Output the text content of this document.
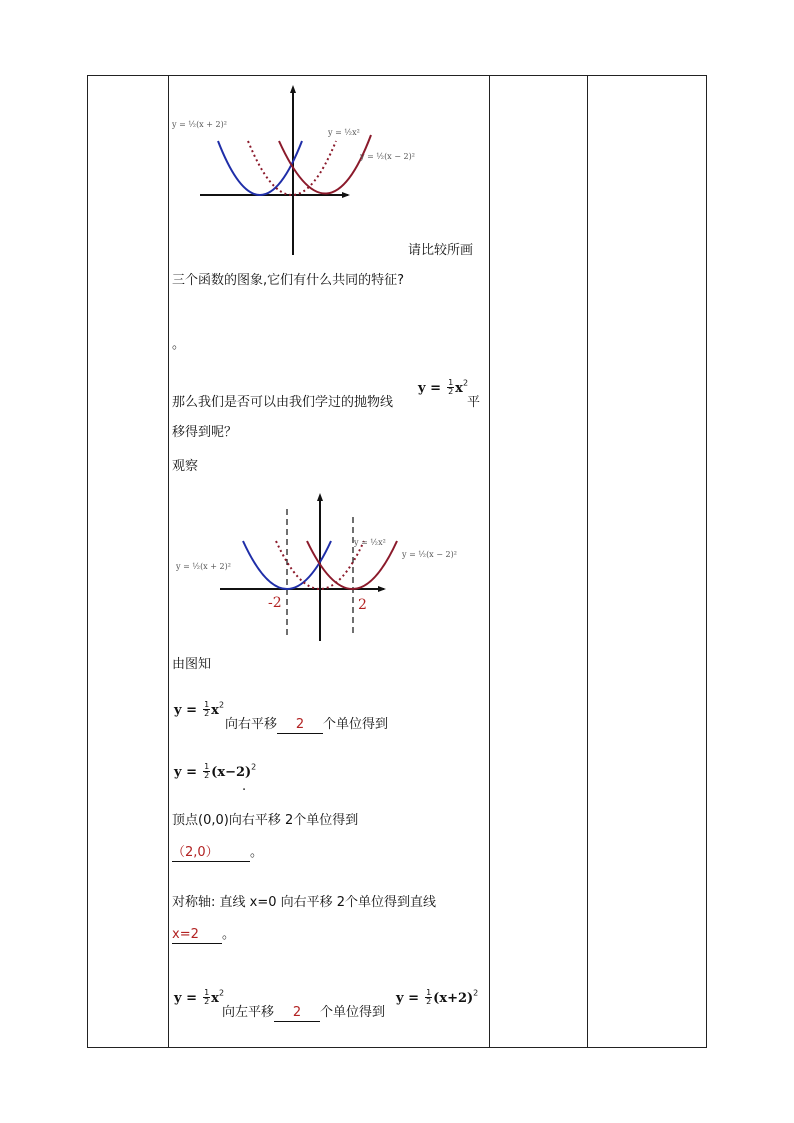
y = ½(x + 2)²
y = ½x²
y = ½(x − 2)²
请比较所画
三个函数的图象,它们有什么共同的特征?
。
那么我们是否可以由我们学过的抛物线
$y = \frac{1}{2} x^2$
平
移得到呢？
观察
y = ½(x + 2)²
y = ½x²
y = ½(x − 2)²
-2	2
由图知
$y = \frac{1}{2} x^2$
向右平移 2 个单位得到
$y = \frac{1}{2} (x-2)^2$
.
顶点(0,0)向右平移 2个单位得到
（2,0） 。
对称轴: 直线 x=0 向右平移 2个单位得到直线
x=2 。
$y = \frac{1}{2} x^2$
向左平移 2 个单位得到
$y = \frac{1}{2} (x+2)^2$
